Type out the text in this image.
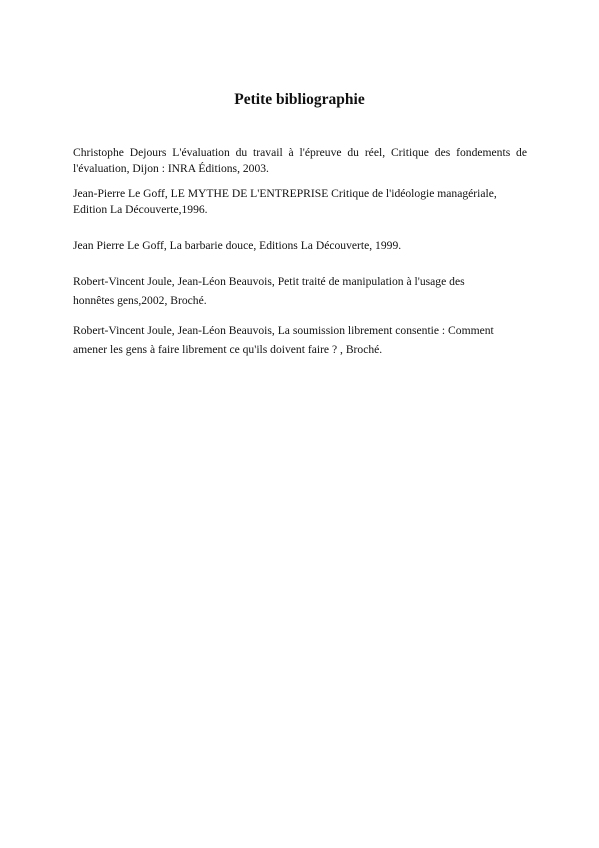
Petite bibliographie

Christophe Dejours L'évaluation du travail à l'épreuve du réel, Critique des fondements de l'évaluation, Dijon : INRA Éditions, 2003.

Jean-Pierre Le Goff, LE MYTHE DE L'ENTREPRISE Critique de l'idéologie managériale,
Edition La Découverte,1996.

Jean Pierre Le Goff, La barbarie douce, Editions La Découverte, 1999.

Robert-Vincent Joule, Jean-Léon Beauvois, Petit traité de manipulation à l'usage des
honnêtes gens,2002, Broché.

Robert-Vincent Joule, Jean-Léon Beauvois, La soumission librement consentie : Comment
amener les gens à faire librement ce qu'ils doivent faire ? , Broché.
